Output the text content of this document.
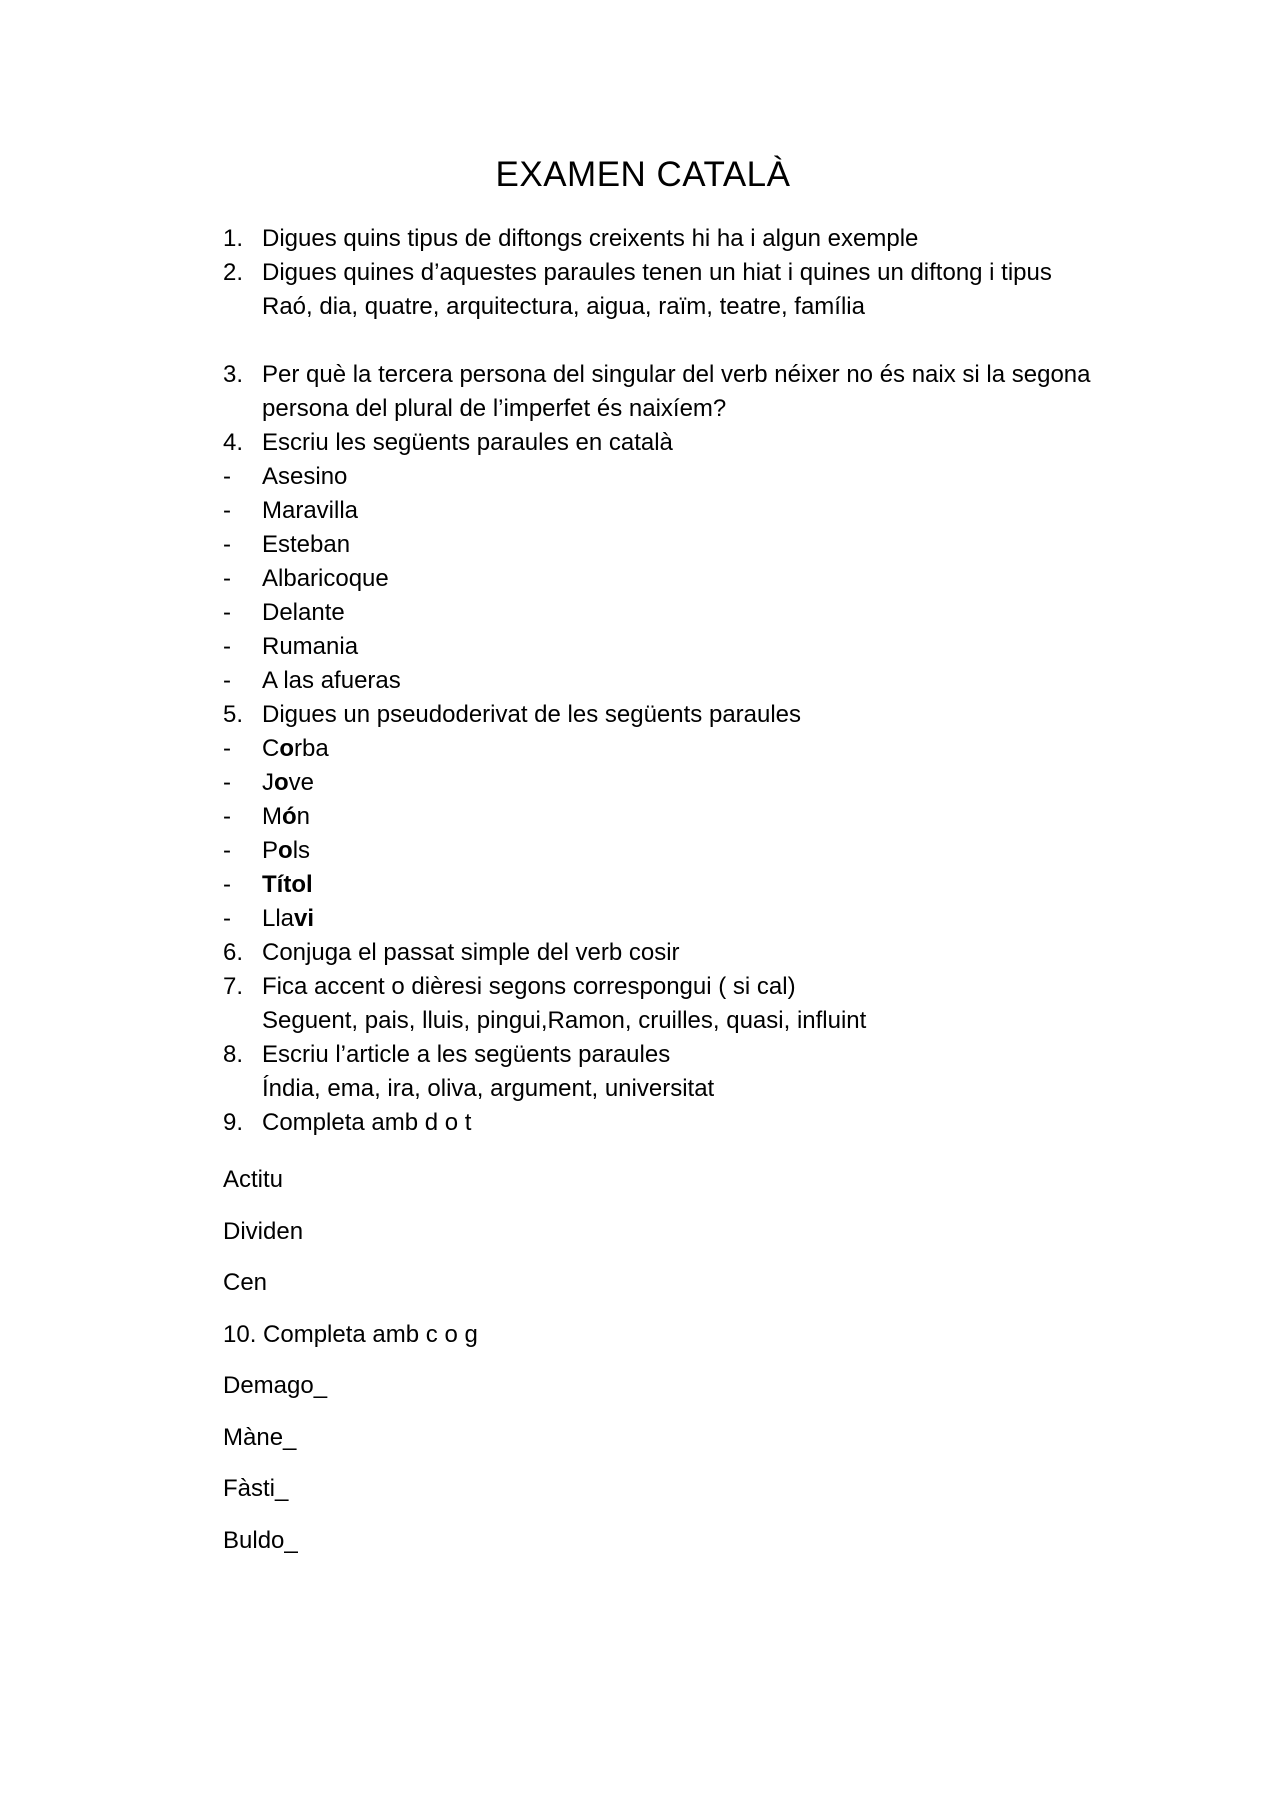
EXAMEN CATALÀ
1. Digues quins tipus de diftongs creixents hi ha i algun exemple
2. Digues quines d’aquestes paraules tenen un hiat i quines un diftong i tipus
Raó, dia, quatre, arquitectura, aigua, raïm, teatre, família
3. Per què la tercera persona del singular del verb néixer no és naix si la segona
persona del plural de l’imperfet és naixíem?
4. Escriu les següents paraules en català
-	Asesino
-	Maravilla
-	Esteban
-	Albaricoque
-	Delante
-	Rumania
-	A las afueras
5. Digues un pseudoderivat de les següents paraules
-	Corba
-	Jove
-	Món
-	Pols
-	Títol
-	Llavi
6. Conjuga el passat simple del verb cosir
7. Fica accent o dièresi segons correspongui ( si cal)
Seguent, pais, lluis, pingui,Ramon, cruilles, quasi, influint
8. Escriu l’article a les següents paraules
Índia, ema, ira, oliva, argument, universitat
9. Completa amb d o t
Actitu
Dividen
Cen
10. Completa amb c o g
Demago_
Màne_
Fàsti_
Buldo_
